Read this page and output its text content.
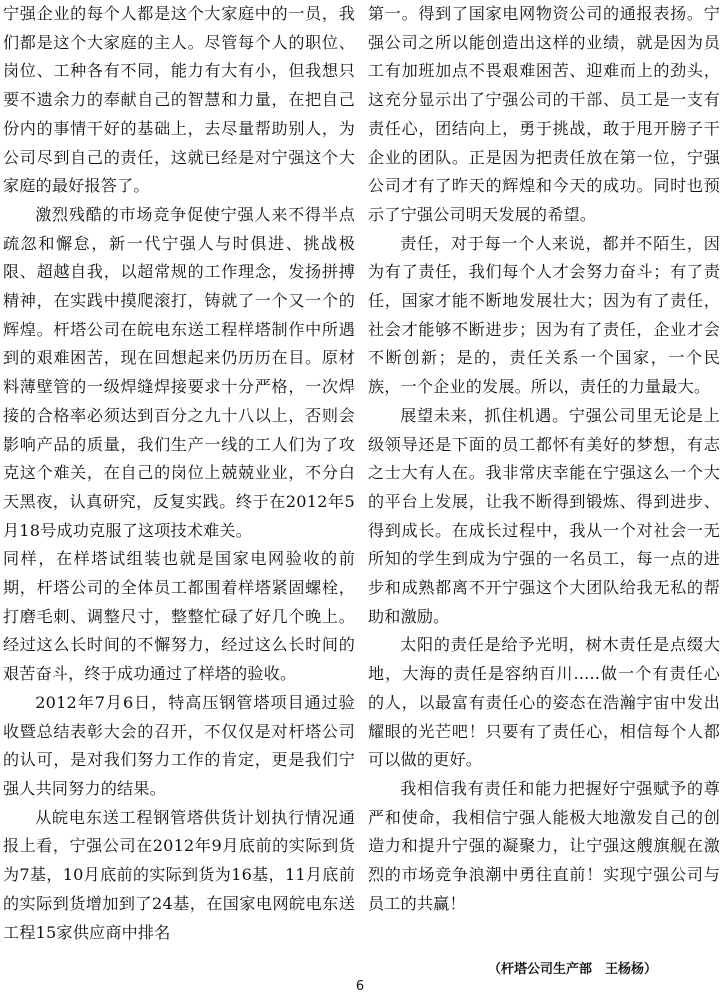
宁强企业的每个人都是这个大家庭中的一员，我们都是这个大家庭的主人。尽管每个人的职位、岗位、工种各有不同，能力有大有小，但我想只要不遗余力的奉献自己的智慧和力量，在把自己份内的事情干好的基础上，去尽量帮助别人，为公司尽到自己的责任，这就已经是对宁强这个大家庭的最好报答了。

激烈残酷的市场竞争促使宁强人来不得半点疏忽和懈怠，新一代宁强人与时俱进、挑战极限、超越自我，以超常规的工作理念，发扬拼搏精神，在实践中摸爬滚打，铸就了一个又一个的辉煌。杆塔公司在皖电东送工程样塔制作中所遇到的艰难困苦，现在回想起来仍历历在目。原材料薄壁管的一级焊缝焊接要求十分严格，一次焊接的合格率必须达到百分之九十八以上，否则会影响产品的质量，我们生产一线的工人们为了攻克这个难关，在自己的岗位上兢兢业业，不分白天黑夜，认真研究，反复实践。终于在2012年5月18号成功克服了这项技术难关。

同样，在样塔试组装也就是国家电网验收的前期，杆塔公司的全体员工都围着样塔紧固螺栓，打磨毛刺、调整尺寸，整整忙碌了好几个晚上。经过这么长时间的不懈努力，经过这么长时间的艰苦奋斗，终于成功通过了样塔的验收。

2012年7月6日，特高压钢管塔项目通过验收暨总结表彰大会的召开，不仅仅是对杆塔公司的认可，是对我们努力工作的肯定，更是我们宁强人共同努力的结果。

从皖电东送工程钢管塔供货计划执行情况通报上看，宁强公司在2012年9月底前的实际到货为7基，10月底前的实际到货为16基，11月底前的实际到货增加到了24基，在国家电网皖电东送工程15家供应商中排名

第一。得到了国家电网物资公司的通报表扬。宁强公司之所以能创造出这样的业绩，就是因为员工有加班加点不畏艰难困苦、迎难而上的劲头，这充分显示出了宁强公司的干部、员工是一支有责任心，团结向上，勇于挑战，敢于甩开膀子干企业的团队。正是因为把责任放在第一位，宁强公司才有了昨天的辉煌和今天的成功。同时也预示了宁强公司明天发展的希望。

责任，对于每一个人来说，都并不陌生，因为有了责任，我们每个人才会努力奋斗；有了责任，国家才能不断地发展壮大；因为有了责任，社会才能够不断进步；因为有了责任，企业才会不断创新；是的，责任关系一个国家，一个民族，一个企业的发展。所以，责任的力量最大。

展望未来，抓住机遇。宁强公司里无论是上级领导还是下面的员工都怀有美好的梦想，有志之士大有人在。我非常庆幸能在宁强这么一个大的平台上发展，让我不断得到锻炼、得到进步、得到成长。在成长过程中，我从一个对社会一无所知的学生到成为宁强的一名员工，每一点的进步和成熟都离不开宁强这个大团队给我无私的帮助和激励。

太阳的责任是给予光明，树木责任是点缀大地，大海的责任是容纳百川.....做一个有责任心的人，以最富有责任心的姿态在浩瀚宇宙中发出耀眼的光芒吧！只要有了责任心，相信每个人都可以做的更好。

我相信我有责任和能力把握好宁强赋予的尊严和使命，我相信宁强人能极大地激发自己的创造力和提升宁强的凝聚力，让宁强这艘旗舰在激烈的市场竞争浪潮中勇往直前！实现宁强公司与员工的共赢！

（杆塔公司生产部　王杨杨）
6
